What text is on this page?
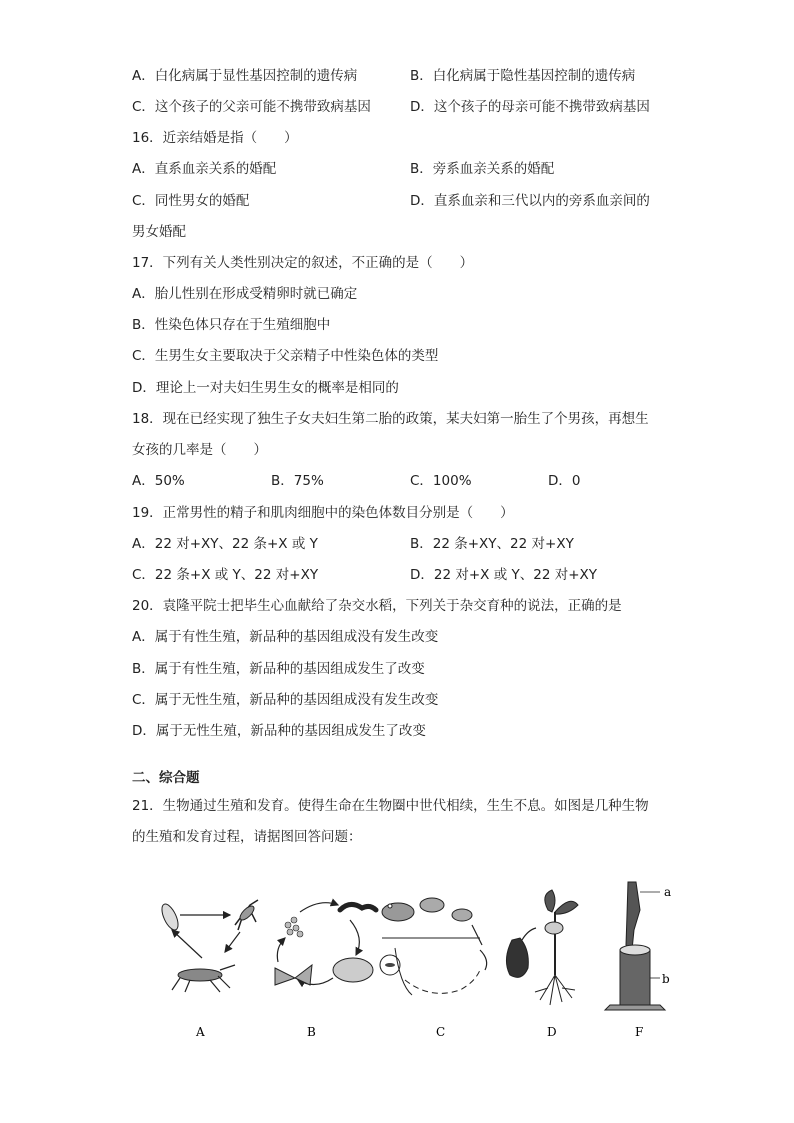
A．白化病属于显性基因控制的遗传病	B．白化病属于隐性基因控制的遗传病
C．这个孩子的父亲可能不携带致病基因	D．这个孩子的母亲可能不携带致病基因
16．近亲结婚是指（　　）
A．直系血亲关系的婚配	B．旁系血亲关系的婚配
C．同性男女的婚配	D．直系血亲和三代以内的旁系血亲间的
男女婚配
17．下列有关人类性别决定的叙述，不正确的是（　　）
A．胎儿性别在形成受精卵时就已确定
B．性染色体只存在于生殖细胞中
C．生男生女主要取决于父亲精子中性染色体的类型
D．理论上一对夫妇生男生女的概率是相同的
18．现在已经实现了独生子女夫妇生第二胎的政策，某夫妇第一胎生了个男孩，再想生
女孩的几率是（　　）
A．50%	B．75%	C．100%	D．0
19．正常男性的精子和肌肉细胞中的染色体数目分别是（　　）
A．22 对+XY、22 条+X 或 Y	B．22 条+XY、22 对+XY
C．22 条+X 或 Y、22 对+XY	D．22 对+X 或 Y、22 对+XY
20．袁隆平院士把毕生心血献给了杂交水稻，下列关于杂交育种的说法，正确的是
A．属于有性生殖，新品种的基因组成没有发生改变
B．属于有性生殖，新品种的基因组成发生了改变
C．属于无性生殖，新品种的基因组成没有发生改变
D．属于无性生殖，新品种的基因组成发生了改变
二、综合题
21．生物通过生殖和发育。使得生命在生物圈中世代相续，生生不息。如图是几种生物
的生殖和发育过程，请据图回答问题：
A	B	C	D	F
a
b
